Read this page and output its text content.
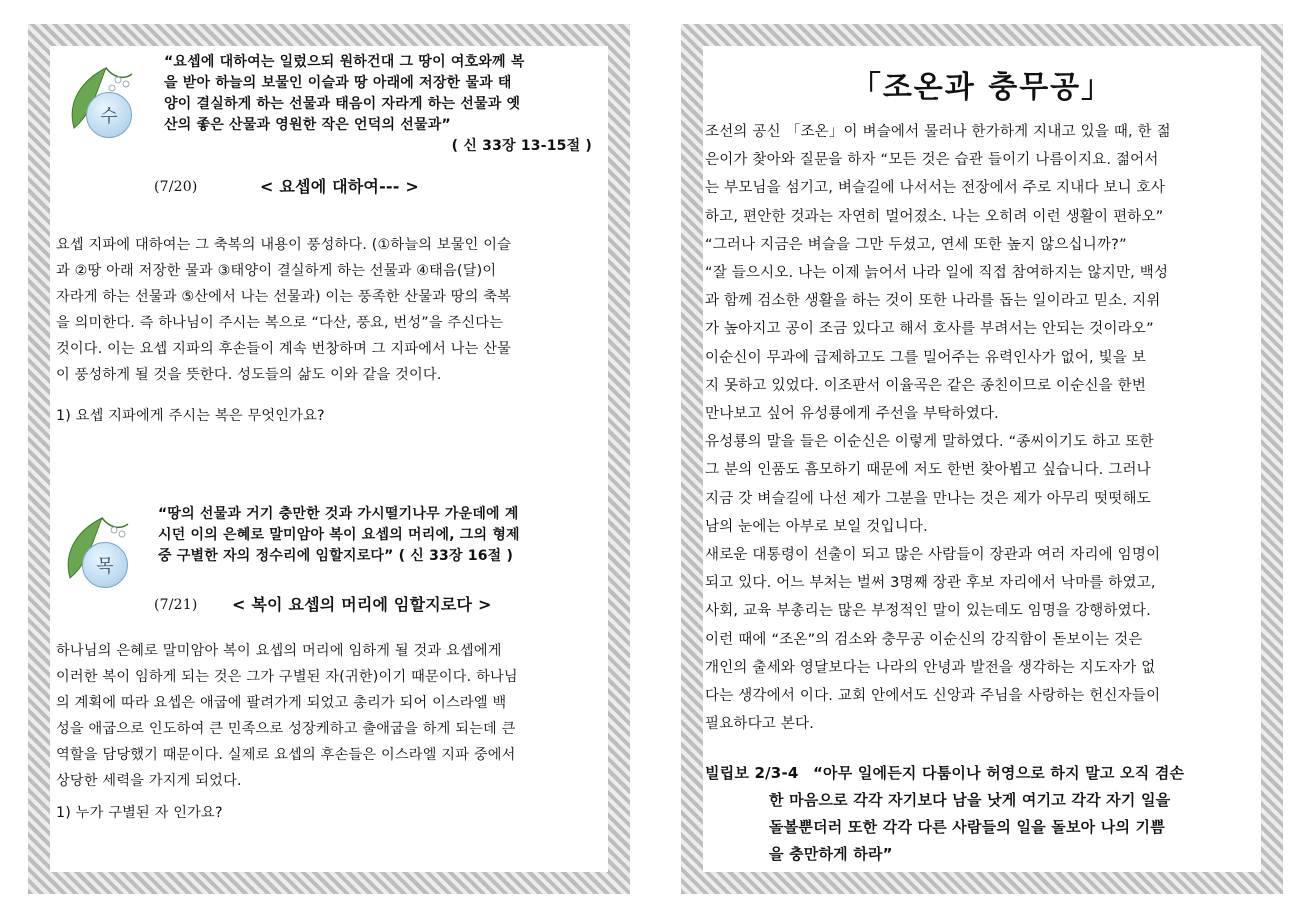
수
“요셉에 대하여는 일렀으되 원하건대 그 땅이 여호와께 복
을 받아 하늘의 보물인 이슬과 땅 아래에 저장한 물과 태
양이 결실하게 하는 선물과 태음이 자라게 하는 선물과 옛
산의 좋은 산물과 영원한 작은 언덕의 선물과”
( 신 33장 13-15절 )
(7/20)	< 요셉에 대하여--- >
요셉 지파에 대하여는 그 축복의 내용이 풍성하다. (①하늘의 보물인 이슬
과 ②땅 아래 저장한 물과 ③태양이 결실하게 하는 선물과 ④태음(달)이
자라게 하는 선물과 ⑤산에서 나는 선물과) 이는 풍족한 산물과 땅의 축복
을 의미한다. 즉 하나님이 주시는 복으로 “다산, 풍요, 번성”을 주신다는
것이다. 이는 요셉 지파의 후손들이 계속 번창하며 그 지파에서 나는 산물
이 풍성하게 될 것을 뜻한다. 성도들의 삶도 이와 같을 것이다.
1) 요셉 지파에게 주시는 복은 무엇인가요?
목
“땅의 선물과 거기 충만한 것과 가시떨기나무 가운데에 계
시던 이의 은혜로 말미암아 복이 요셉의 머리에, 그의 형제
중 구별한 자의 정수리에 임할지로다” ( 신 33장 16절 )
(7/21) < 복이 요셉의 머리에 임할지로다 >
하나님의 은혜로 말미암아 복이 요셉의 머리에 임하게 될 것과 요셉에게
이러한 복이 임하게 되는 것은 그가 구별된 자(귀한)이기 때문이다. 하나님
의 계획에 따라 요셉은 애굽에 팔려가게 되었고 총리가 되어 이스라엘 백
성을 애굽으로 인도하여 큰 민족으로 성장케하고 출애굽을 하게 되는데 큰
역할을 담당했기 때문이다. 실제로 요셉의 후손들은 이스라엘 지파 중에서
상당한 세력을 가지게 되었다.
1) 누가 구별된 자 인가요?
「조온과 충무공」
조선의 공신 「조온」이 벼슬에서 물러나 한가하게 지내고 있을 때, 한 젊
은이가 찾아와 질문을 하자 “모든 것은 습관 들이기 나름이지요. 젊어서
는 부모님을 섬기고, 벼슬길에 나서서는 전장에서 주로 지내다 보니 호사
하고, 편안한 것과는 자연히 멀어졌소. 나는 오히려 이런 생활이 편하오”
“그러나 지금은 벼슬을 그만 두셨고, 연세 또한 높지 않으십니까?”
“잘 들으시오. 나는 이제 늙어서 나라 일에 직접 참여하지는 않지만, 백성
과 함께 검소한 생활을 하는 것이 또한 나라를 돕는 일이라고 믿소. 지위
가 높아지고 공이 조금 있다고 해서 호사를 부려서는 안되는 것이라오”
이순신이 무과에 급제하고도 그를 밀어주는 유력인사가 없어, 빛을 보
지 못하고 있었다. 이조판서 이율곡은 같은 종친이므로 이순신을 한번
만나보고 싶어 유성룡에게 주선을 부탁하였다.
유성룡의 말을 들은 이순신은 이렇게 말하였다. “종씨이기도 하고 또한
그 분의 인품도 흠모하기 때문에 저도 한번 찾아뵙고 싶습니다. 그러나
지금 갓 벼슬길에 나선 제가 그분을 만나는 것은 제가 아무리 떳떳해도
남의 눈에는 아부로 보일 것입니다.
새로운 대통령이 선출이 되고 많은 사람들이 장관과 여러 자리에 임명이
되고 있다. 어느 부처는 벌써 3명째 장관 후보 자리에서 낙마를 하였고,
사회, 교육 부총리는 많은 부정적인 말이 있는데도 임명을 강행하였다.
이런 때에 “조온”의 검소와 충무공 이순신의 강직함이 돋보이는 것은
개인의 출세와 영달보다는 나라의 안녕과 발전을 생각하는 지도자가 없
다는 생각에서 이다. 교회 안에서도 신앙과 주님을 사랑하는 헌신자들이
필요하다고 본다.
빌립보 2/3-4 “아무 일에든지 다툼이나 허영으로 하지 말고 오직 겸손
한 마음으로 각각 자기보다 남을 낫게 여기고 각각 자기 일을
돌볼뿐더러 또한 각각 다른 사람들의 일을 돌보아 나의 기쁨
을 충만하게 하라”
